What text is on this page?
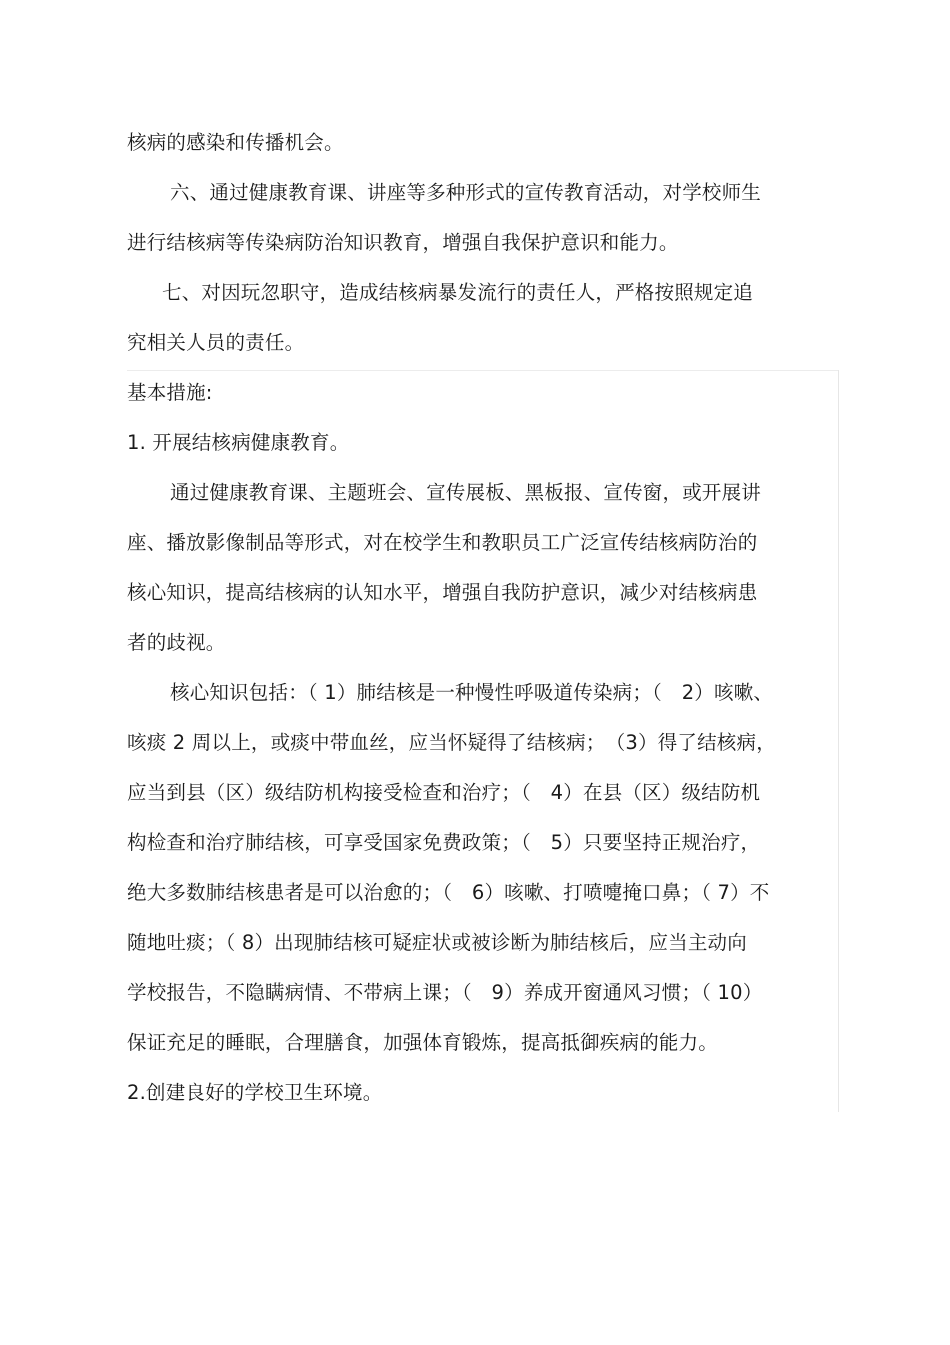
核病的感染和传播机会。
六、通过健康教育课、讲座等多种形式的宣传教育活动，对学校师生
进行结核病等传染病防治知识教育，增强自我保护意识和能力。
七、对因玩忽职守，造成结核病暴发流行的责任人，严格按照规定追
究相关人员的责任。
基本措施:
1. 开展结核病健康教育。
通过健康教育课、主题班会、宣传展板、黑板报、宣传窗，或开展讲
座、播放影像制品等形式，对在校学生和教职员工广泛宣传结核病防治的
核心知识，提高结核病的认知水平，增强自我防护意识，减少对结核病患
者的歧视。
核心知识包括：（ 1）肺结核是一种慢性呼吸道传染病；（　2）咳嗽、
咳痰 2 周以上，或痰中带血丝，应当怀疑得了结核病；　（3）得了结核病，
应当到县（区）级结防机构接受检查和治疗；（　4）在县（区）级结防机
构检查和治疗肺结核，可享受国家免费政策；（　5）只要坚持正规治疗，
绝大多数肺结核患者是可以治愈的；（　6）咳嗽、打喷嚏掩口鼻；（ 7）不
随地吐痰；（ 8）出现肺结核可疑症状或被诊断为肺结核后，应当主动向
学校报告，不隐瞒病情、不带病上课；（　9）养成开窗通风习惯；（ 10）
保证充足的睡眠，合理膳食，加强体育锻炼，提高抵御疾病的能力。
2.创建良好的学校卫生环境。
